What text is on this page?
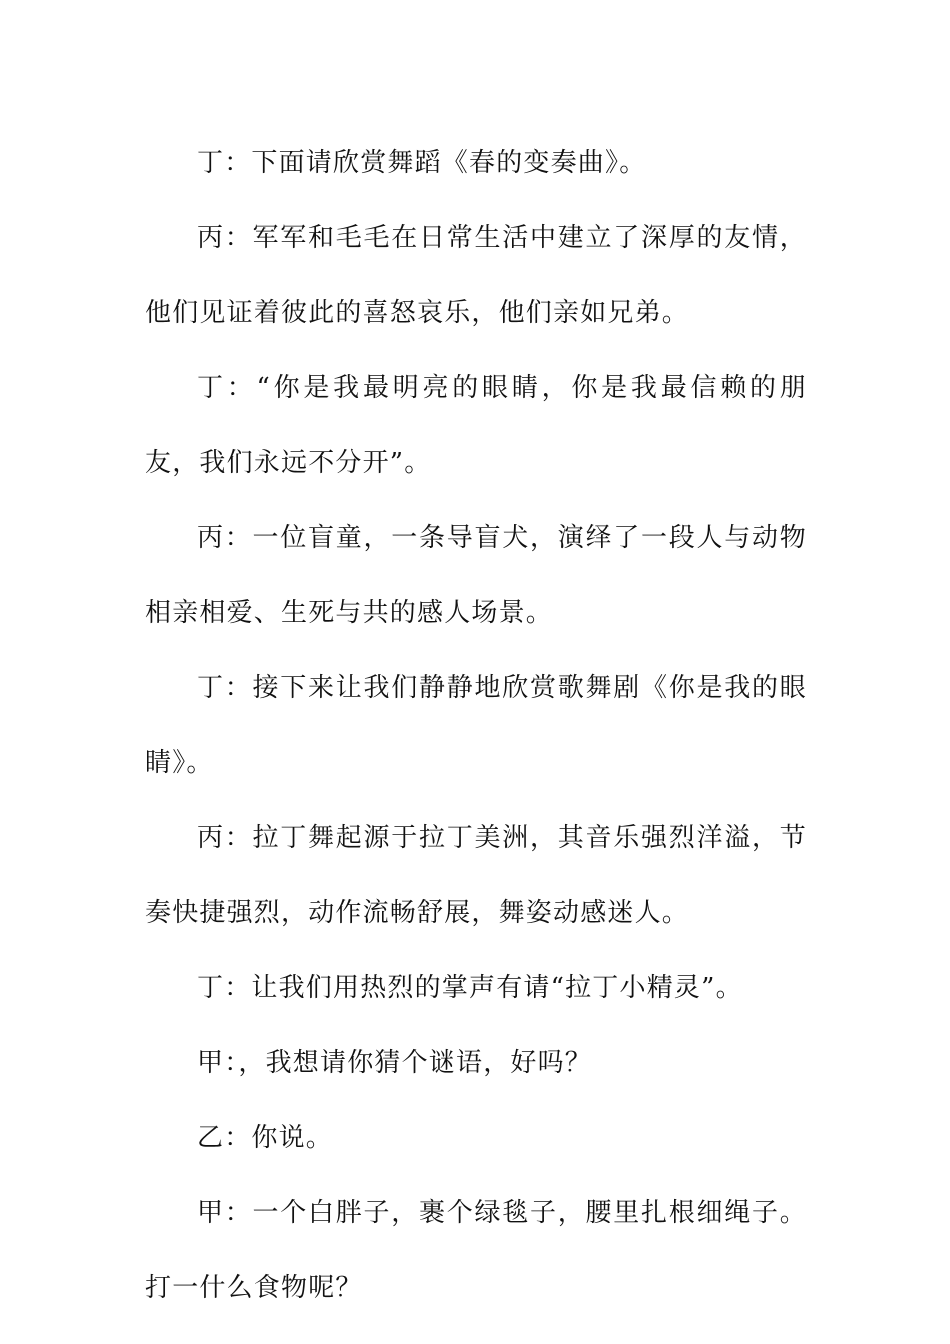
丁：下面请欣赏舞蹈《春的变奏曲》。

丙：军军和毛毛在日常生活中建立了深厚的友情，他们见证着彼此的喜怒哀乐，他们亲如兄弟。

丁：“你是我最明亮的眼睛，你是我最信赖的朋友，我们永远不分开”。

丙：一位盲童，一条导盲犬，演绎了一段人与动物相亲相爱、生死与共的感人场景。

丁：接下来让我们静静地欣赏歌舞剧《你是我的眼睛》。

丙：拉丁舞起源于拉丁美洲，其音乐强烈洋溢，节奏快捷强烈，动作流畅舒展，舞姿动感迷人。

丁：让我们用热烈的掌声有请“拉丁小精灵”。

甲：，我想请你猜个谜语，好吗？

乙：你说。

甲：一个白胖子，裹个绿毯子，腰里扎根细绳子。打一什么食物呢？
